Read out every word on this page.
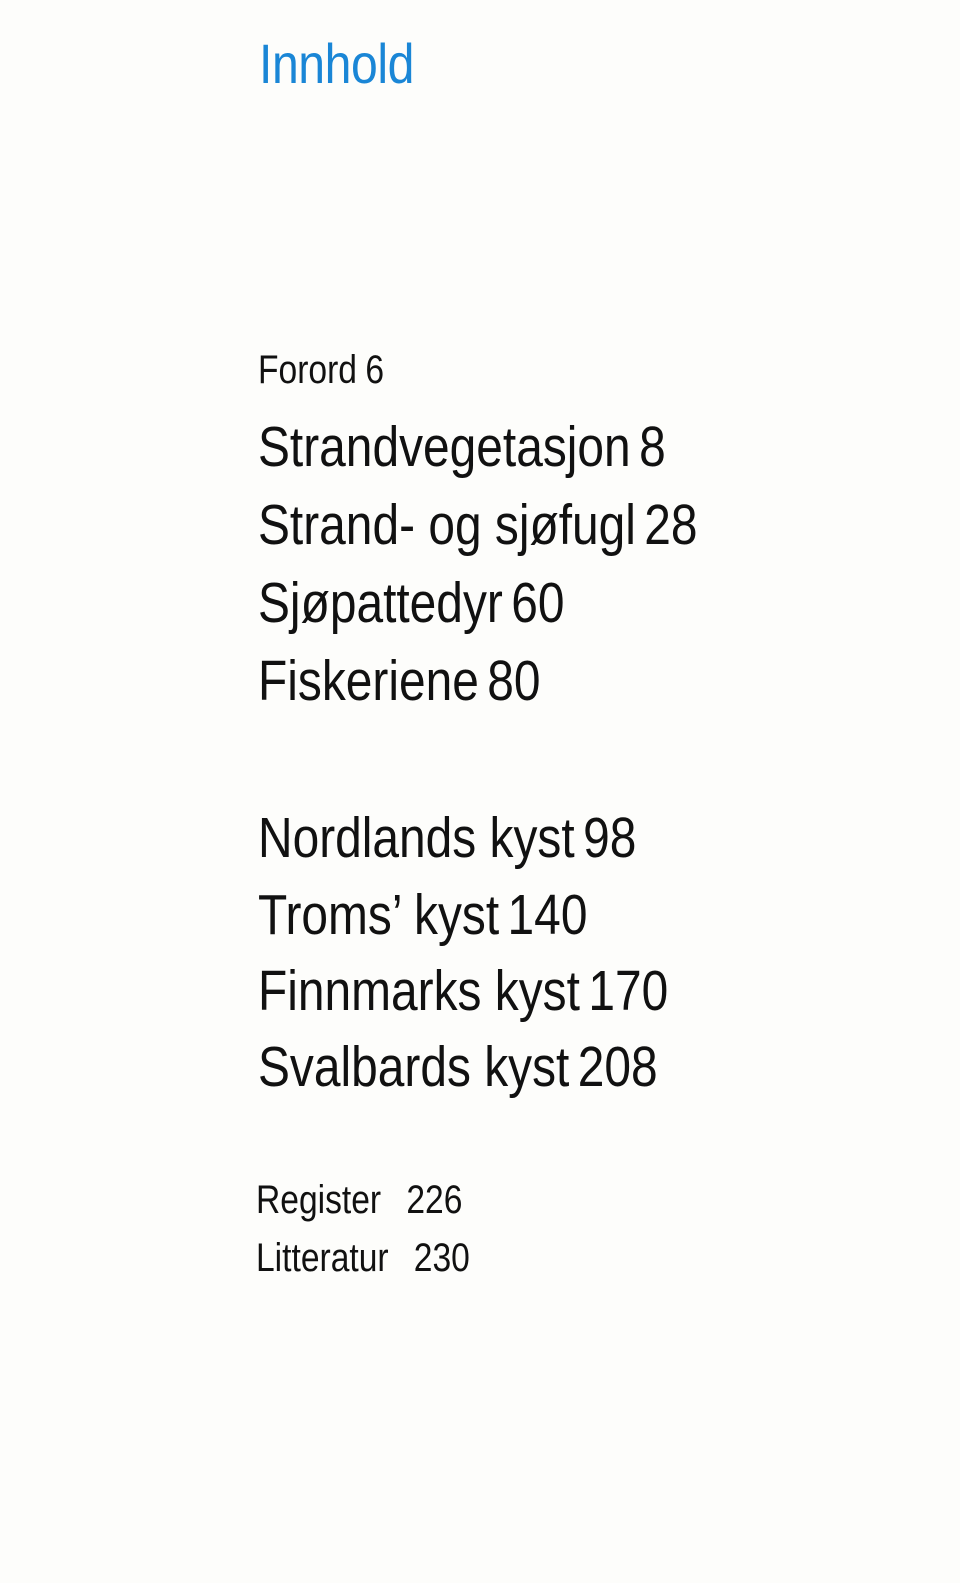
Innhold
Forord 6
Strandvegetasjon 8
Strand- og sjøfugl 28
Sjøpattedyr 60
Fiskeriene 80
Nordlands kyst 98
Troms’ kyst 140
Finnmarks kyst 170
Svalbards kyst 208
Register 226
Litteratur 230
